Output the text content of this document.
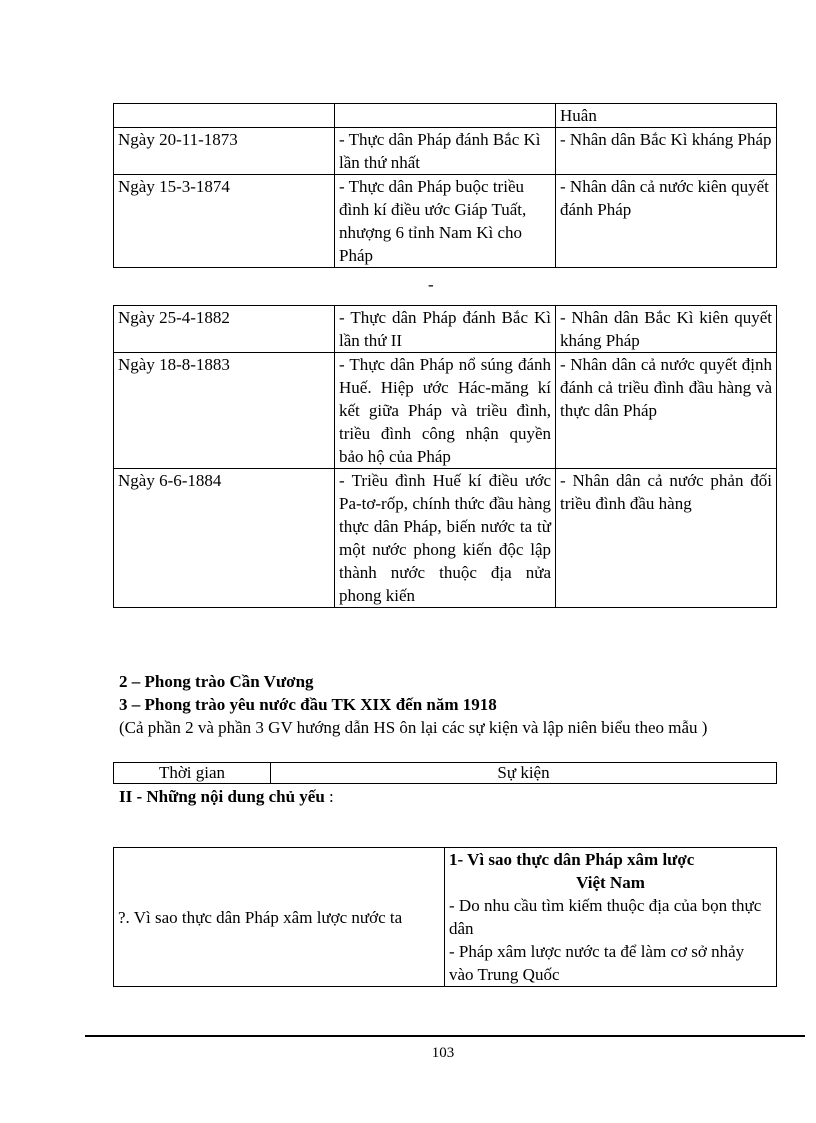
		Huân
Ngày 20-11-1873	- Thực dân Pháp đánh Bắc Kì lần thứ nhất	- Nhân dân Bắc Kì kháng Pháp
Ngày 15-3-1874	- Thực dân Pháp buộc triều đình kí điều ước Giáp Tuất, nhượng 6 tỉnh Nam Kì cho Pháp	- Nhân dân cả nước kiên quyết đánh Pháp
-
Ngày 25-4-1882	- Thực dân Pháp đánh Bắc Kì lần thứ II	- Nhân dân Bắc Kì kiên quyết kháng Pháp
Ngày 18-8-1883	- Thực dân Pháp nổ súng đánh Huế. Hiệp ước Hác-măng kí kết giữa Pháp và triều đình, triều đình công nhận quyền bảo hộ của Pháp	- Nhân dân cả nước quyết định đánh cả triều đình đầu hàng và thực dân Pháp
Ngày 6-6-1884	- Triều đình Huế kí điều ước Pa-tơ-rốp, chính thức đầu hàng thực dân Pháp, biến nước ta từ một nước phong kiến độc lập thành nước thuộc địa nửa phong kiến	- Nhân dân cả nước phản đối triều đình đầu hàng
2 – Phong trào Cần Vương
3 – Phong trào yêu nước đầu TK XIX đến năm 1918
(Cả phần 2 và phần 3 GV hướng dẫn HS ôn lại các sự kiện và lập niên biểu theo mẫu )
Thời gian	Sự kiện
II - Những nội dung chủ yếu :
?. Vì sao thực dân Pháp xâm lược nước ta	
1- Vì sao thực dân Pháp xâm lược
Việt Nam
- Do nhu cầu tìm kiếm thuộc địa của bọn thực dân
- Pháp xâm lược nước ta để làm cơ sở nhảy
vào Trung Quốc
103
